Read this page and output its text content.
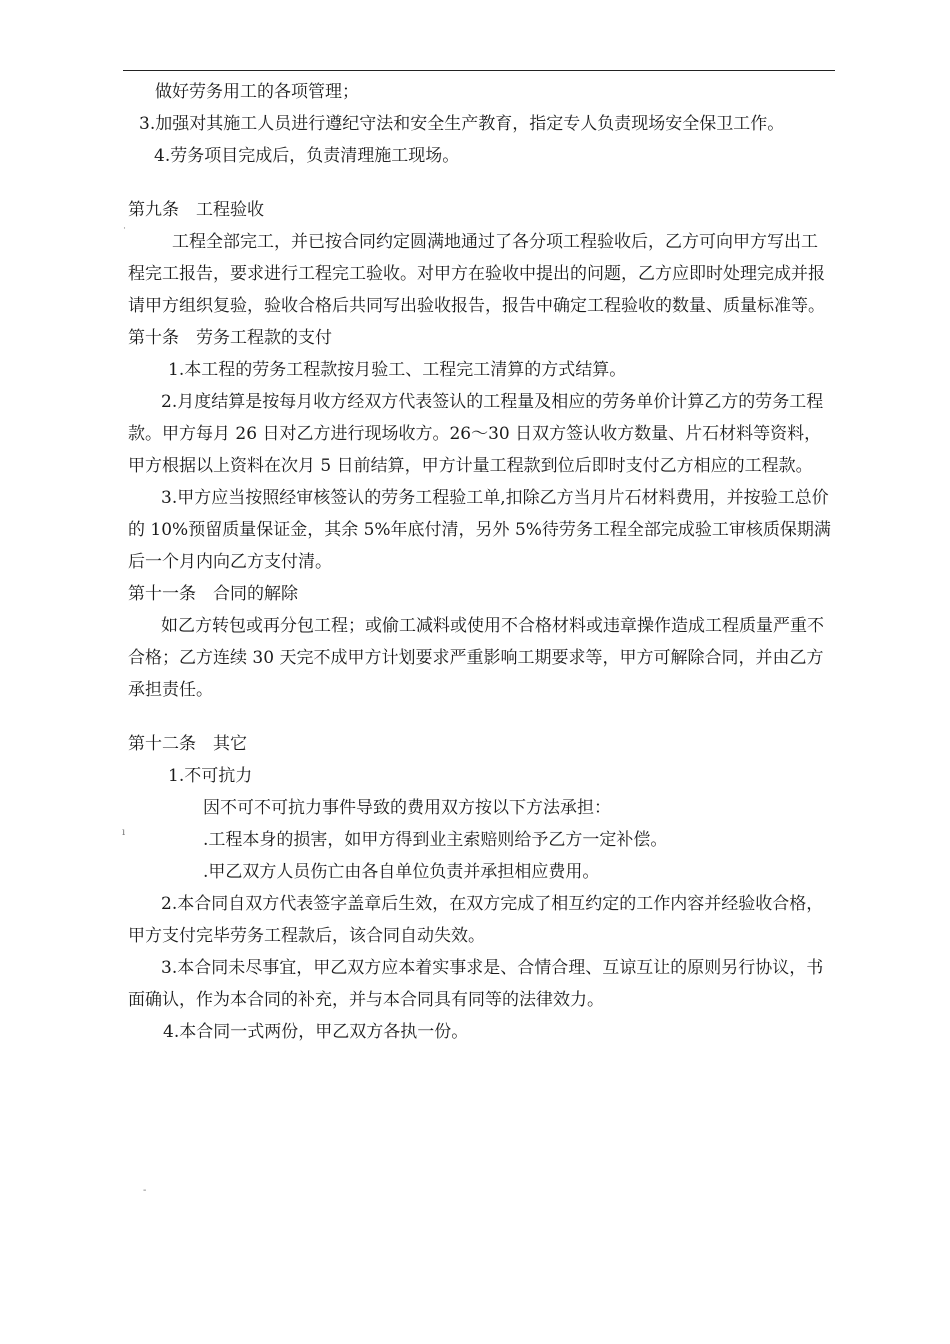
做好劳务用工的各项管理；
3.加强对其施工人员进行遵纪守法和安全生产教育，指定专人负责现场安全保卫工作。
4.劳务项目完成后，负责清理施工现场。
˙
第九条　工程验收
工程全部完工，并已按合同约定圆满地通过了各分项工程验收后，乙方可向甲方写出工程完工报告，要求进行工程完工验收。对甲方在验收中提出的问题，乙方应即时处理完成并报请甲方组织复验，验收合格后共同写出验收报告，报告中确定工程验收的数量、质量标准等。
第十条　劳务工程款的支付
1.本工程的劳务工程款按月验工、工程完工清算的方式结算。
2.月度结算是按每月收方经双方代表签认的工程量及相应的劳务单价计算乙方的劳务工程款。甲方每月 26 日对乙方进行现场收方。26～30 日双方签认收方数量、片石材料等资料，甲方根据以上资料在次月 5 日前结算，甲方计量工程款到位后即时支付乙方相应的工程款。
3.甲方应当按照经审核签认的劳务工程验工单,扣除乙方当月片石材料费用，并按验工总价的 10%预留质量保证金，其余 5%年底付清，另外 5%待劳务工程全部完成验工审核质保期满后一个月内向乙方支付清。
第十一条　合同的解除
如乙方转包或再分包工程；或偷工减料或使用不合格材料或违章操作造成工程质量严重不合格；乙方连续 30 天完不成甲方计划要求严重影响工期要求等，甲方可解除合同，并由乙方承担责任。
ı
第十二条　其它
1.不可抗力
因不可不可抗力事件导致的费用双方按以下方法承担：
.工程本身的损害，如甲方得到业主索赔则给予乙方一定补偿。
.甲乙双方人员伤亡由各自单位负责并承担相应费用。
2.本合同自双方代表签字盖章后生效，在双方完成了相互约定的工作内容并经验收合格，甲方支付完毕劳务工程款后，该合同自动失效。
3.本合同未尽事宜，甲乙双方应本着实事求是、合情合理、互谅互让的原则另行协议，书面确认，作为本合同的补充，并与本合同具有同等的法律效力。
4.本合同一式两份，甲乙双方各执一份。
-
